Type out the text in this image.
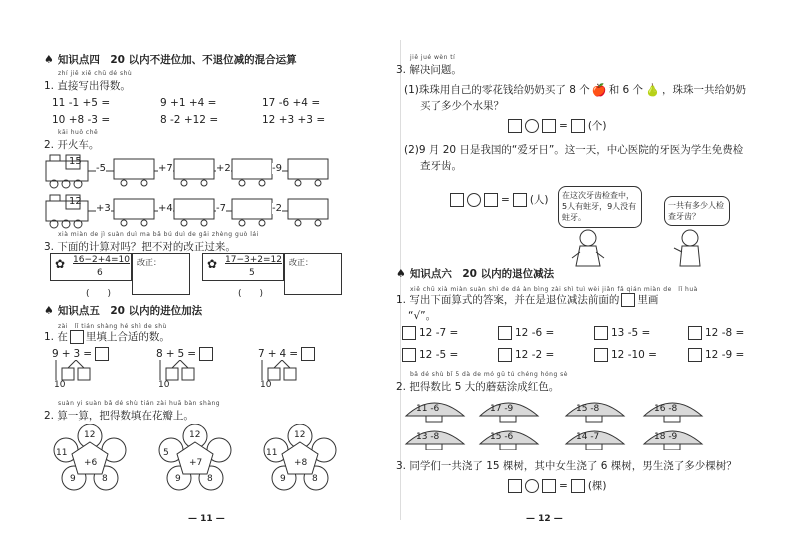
♠ 知识点四　20 以内不进位加、不退位减的混合运算
zhí jiē xiě chū dé shù
1. 直接写出得数。
11 -1 +5 =	9 +1 +4 =	17 -6 +4 =
10 +8 -3 =	8 -2 +12 =	12 +3 +3 =
kāi huǒ chē
2. 开火车。
15
-5	+7	+2	-9
12
+3	+4	-7	-2
xià miàn de jì suàn duì ma bǎ bú duì de gǎi zhèng guò lái
3. 下面的计算对吗？把不对的改正过来。
✿ 16−2+4=10
6
改正：
(　　)
✿ 17−3+2=12
5
改正：
(　　)
♠ 知识点五　20 以内的进位加法
zài　lǐ tián shàng hé shì de shù
1. 在 里填上合适的数。
9 + 3 =
10
8 + 5 =
10
7 + 4 =
10
suàn yi suàn bǎ dé shù tián zài huā bàn shàng
2. 算一算，把得数填在花瓣上。
12
11
+6
9	8
12
5
+7
9	8
12
11
+8
9	8
— 11 —
jiě jué wèn tí
3. 解决问题。
(1)珠珠用自己的零花钱给奶奶买了 8 个 🍎 和 6 个 🍐 ，珠珠一共给奶奶
买了多少个水果？
= (个)
(2)9 月 20 日是我国的“爱牙日”。这一天，中心医院的牙医为学生免费检
查牙齿。
= (人)	在这次牙齿检查中，5人有蛀牙，9人没有蛀牙。
一共有多少人检查牙齿？
♠ 知识点六　20 以内的退位减法
xiě chū xià miàn suàn shì de dá àn bìng zài shì tuì wèi jiǎn fǎ qián miàn de　lǐ huà
1. 写出下面算式的答案，并在是退位减法前面的 里画
“√”。
12 -7 =	12 -6 =	13 -5 =	12 -8 =
12 -5 =	12 -2 =	12 -10 =	12 -9 =
bǎ dé shù bǐ 5 dà de mó gū tú chéng hóng sè
2. 把得数比 5 大的蘑菇涂成红色。
11 -6	17 -9	15 -8	16 -8
13 -8	15 -6	14 -7	18 -9
3. 同学们一共浇了 15 棵树，其中女生浇了 6 棵树，男生浇了多少棵树？
= (棵)
— 12 —
